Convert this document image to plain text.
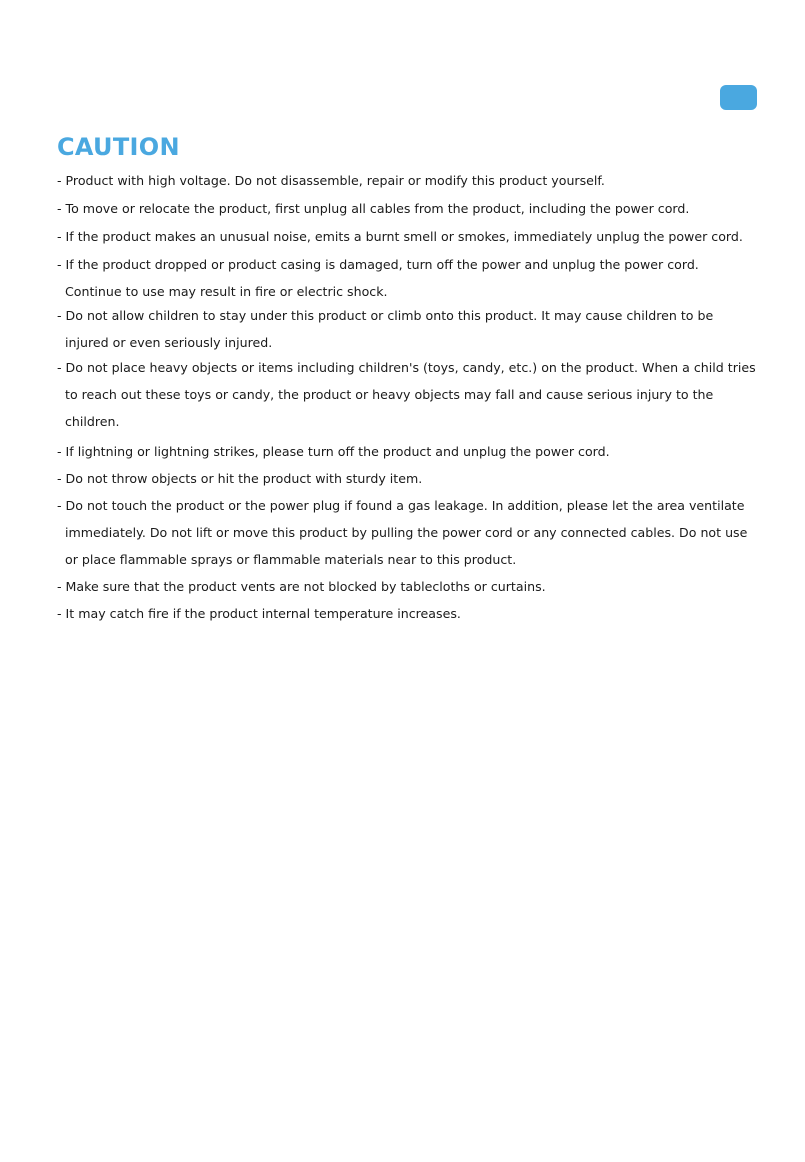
CAUTION

- Product with high voltage. Do not disassemble, repair or modify this product yourself.

- To move or relocate the product, first unplug all cables from the product, including the power cord.

- If the product makes an unusual noise, emits a burnt smell or smokes, immediately unplug the power cord.

- If the product dropped or product casing is damaged, turn off the power and unplug the power cord.

Continue to use may result in fire or electric shock.

- Do not allow children to stay under this product or climb onto this product. It may cause children to be

injured or even seriously injured.

- Do not place heavy objects or items including children's (toys, candy, etc.) on the product. When a child tries

to reach out these toys or candy, the product or heavy objects may fall and cause serious injury to the

children.

- If lightning or lightning strikes, please turn off the product and unplug the power cord.

- Do not throw objects or hit the product with sturdy item.

- Do not touch the product or the power plug if found a gas leakage. In addition, please let the area ventilate

immediately. Do not lift or move this product by pulling the power cord or any connected cables. Do not use

or place flammable sprays or flammable materials near to this product.

- Make sure that the product vents are not blocked by tablecloths or curtains.

- It may catch fire if the product internal temperature increases.
